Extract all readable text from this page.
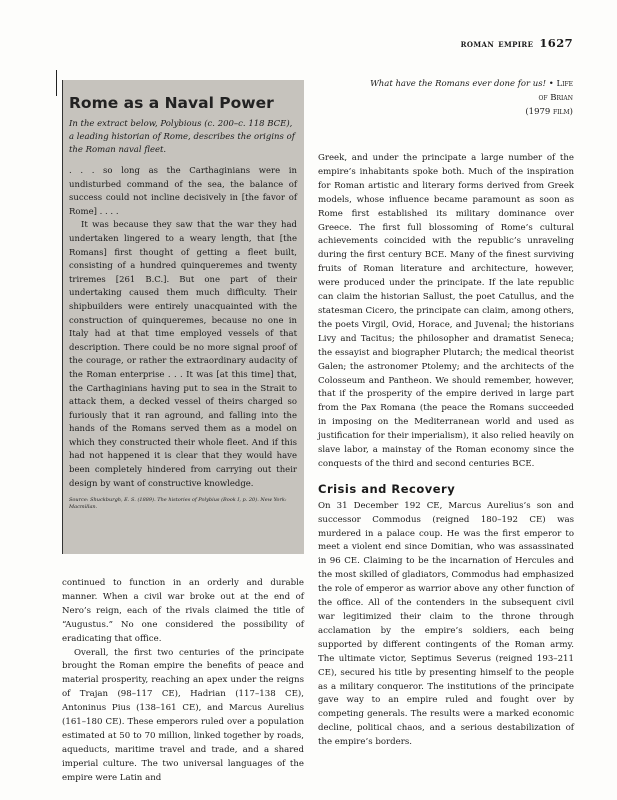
roman empire 1627
Rome as a Naval Power

In the extract below, Polybious (c. 200–c. 118 BCE), a leading historian of Rome, describes the origins of the Roman naval fleet.

. . . so long as the Carthaginians were in undisturbed command of the sea, the balance of success could not incline decisively in [the favor of Rome] . . . .

It was because they saw that the war they had undertaken lingered to a weary length, that [the Romans] first thought of getting a fleet built, consisting of a hundred quinqueremes and twenty triremes [261 B.C.]. But one part of their undertaking caused them much difficulty. Their shipbuilders were entirely unacquainted with the construction of quinqueremes, because no one in Italy had at that time employed vessels of that description. There could be no more signal proof of the courage, or rather the extraordinary audacity of the Roman enterprise . . . It was [at this time] that, the Carthaginians having put to sea in the Strait to attack them, a decked vessel of theirs charged so furiously that it ran aground, and falling into the hands of the Romans served them as a model on which they constructed their whole fleet. And if this had not happened it is clear that they would have been completely hindered from carrying out their design by want of constructive knowledge.

Source: Shuckburgh, E. S. (1889). The histories of Polybius (Book I, p. 20). New York: Macmillan.
What have the Romans ever done for us! • Life of Brian
(1979 film)

continued to function in an orderly and durable manner. When a civil war broke out at the end of Nero’s reign, each of the rivals claimed the title of “Augustus.” No one considered the possibility of eradicating that office.

Overall, the first two centuries of the principate brought the Roman empire the benefits of peace and material prosperity, reaching an apex under the reigns of Trajan (98–117 CE), Hadrian (117–138 CE), Antoninus Pius (138–161 CE), and Marcus Aurelius (161–180 CE). These emperors ruled over a population estimated at 50 to 70 million, linked together by roads, aqueducts, maritime travel and trade, and a shared imperial culture. The two universal languages of the empire were Latin and

Greek, and under the principate a large number of the empire’s inhabitants spoke both. Much of the inspiration for Roman artistic and literary forms derived from Greek models, whose influence became paramount as soon as Rome first established its military dominance over Greece. The first full blossoming of Rome’s cultural achievements coincided with the republic’s unraveling during the first century BCE. Many of the finest surviving fruits of Roman literature and architecture, however, were produced under the principate. If the late republic can claim the historian Sallust, the poet Catullus, and the statesman Cicero, the principate can claim, among others, the poets Virgil, Ovid, Horace, and Juvenal; the historians Livy and Tacitus; the philosopher and dramatist Seneca; the essayist and biographer Plutarch; the medical theorist Galen; the astronomer Ptolemy; and the architects of the Colosseum and Pantheon. We should remember, however, that if the prosperity of the empire derived in large part from the Pax Romana (the peace the Romans succeeded in imposing on the Mediterranean world and used as justification for their imperialism), it also relied heavily on slave labor, a mainstay of the Roman economy since the conquests of the third and second centuries BCE.

Crisis and Recovery

On 31 December 192 CE, Marcus Aurelius’s son and successor Commodus (reigned 180–192 CE) was murdered in a palace coup. He was the first emperor to meet a violent end since Domitian, who was assassinated in 96 CE. Claiming to be the incarnation of Hercules and the most skilled of gladiators, Commodus had emphasized the role of emperor as warrior above any other function of the office. All of the contenders in the subsequent civil war legitimized their claim to the throne through acclamation by the empire’s soldiers, each being supported by different contingents of the Roman army. The ultimate victor, Septimus Severus (reigned 193–211 CE), secured his title by presenting himself to the people as a military conqueror. The institutions of the principate gave way to an empire ruled and fought over by competing generals. The results were a marked economic decline, political chaos, and a serious destabilization of the empire’s borders.
